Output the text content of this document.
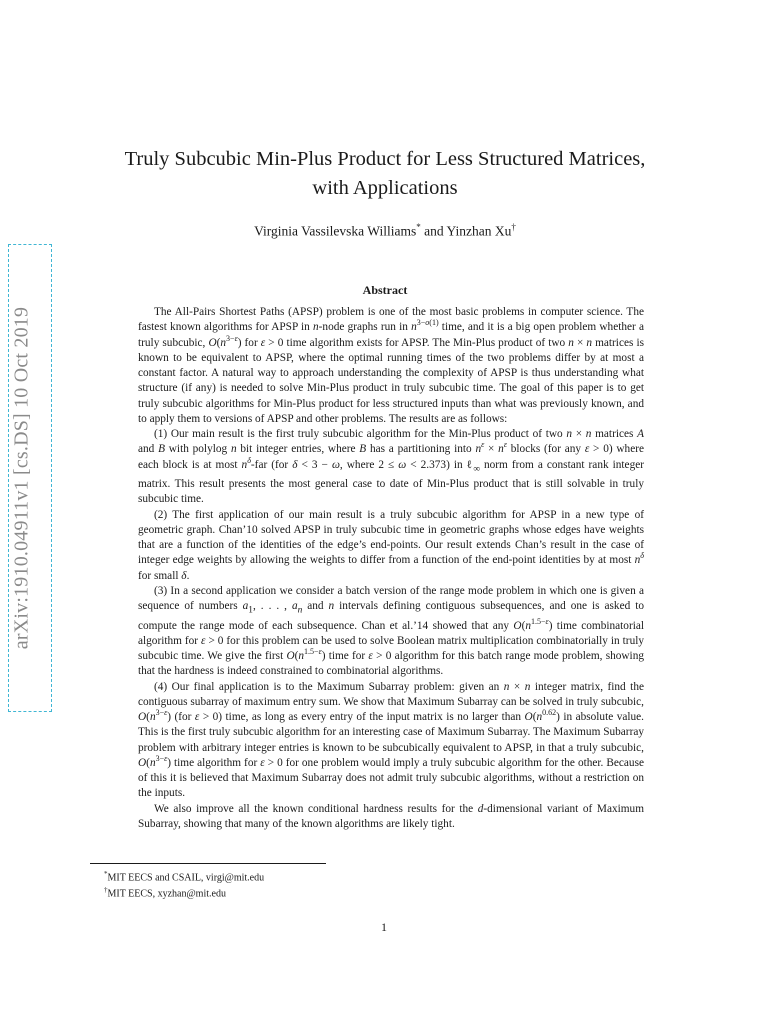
arXiv:1910.04911v1 [cs.DS] 10 Oct 2019
Truly Subcubic Min-Plus Product for Less Structured Matrices,
with Applications
Virginia Vassilevska Williams* and Yinzhan Xu†
Abstract

The All-Pairs Shortest Paths (APSP) problem is one of the most basic problems in computer science. The fastest known algorithms for APSP in n-node graphs run in $n^{3-o(1)}$ time, and it is a big open problem whether a truly subcubic, $O(n^{3-\varepsilon})$ for ε > 0 time algorithm exists for APSP. The Min-Plus product of two n × n matrices is known to be equivalent to APSP, where the optimal running times of the two problems differ by at most a constant factor. A natural way to approach understanding the complexity of APSP is thus understanding what structure (if any) is needed to solve Min-Plus product in truly subcubic time. The goal of this paper is to get truly subcubic algorithms for Min-Plus product for less structured inputs than what was previously known, and to apply them to versions of APSP and other problems. The results are as follows:

(1) Our main result is the first truly subcubic algorithm for the Min-Plus product of two n × n matrices A and B with polylog n bit integer entries, where B has a partitioning into $n^\varepsilon \times n^\varepsilon$ blocks (for any ε > 0) where each block is at most $n^\delta$-far (for δ < 3 − ω, where 2 ≤ ω < 2.373) in ℓ$_\infty$ norm from a constant rank integer matrix. This result presents the most general case to date of Min-Plus product that is still solvable in truly subcubic time.

(2) The first application of our main result is a truly subcubic algorithm for APSP in a new type of geometric graph. Chan’10 solved APSP in truly subcubic time in geometric graphs whose edges have weights that are a function of the identities of the edge’s end-points. Our result extends Chan’s result in the case of integer edge weights by allowing the weights to differ from a function of the end-point identities by at most $n^\delta$ for small δ.

(3) In a second application we consider a batch version of the range mode problem in which one is given a sequence of numbers $a_1$, . . . , $a_n$ and n intervals defining contiguous subsequences, and one is asked to compute the range mode of each subsequence. Chan et al.’14 showed that any $O(n^{1.5-\varepsilon})$ time combinatorial algorithm for ε > 0 for this problem can be used to solve Boolean matrix multiplication combinatorially in truly subcubic time. We give the first $O(n^{1.5-\varepsilon})$ time for ε > 0 algorithm for this batch range mode problem, showing that the hardness is indeed constrained to combinatorial algorithms.

(4) Our final application is to the Maximum Subarray problem: given an n × n integer matrix, find the contiguous subarray of maximum entry sum. We show that Maximum Subarray can be solved in truly subcubic, $O(n^{3-\varepsilon})$ (for ε > 0) time, as long as every entry of the input matrix is no larger than $O(n^{0.62})$ in absolute value. This is the first truly subcubic algorithm for an interesting case of Maximum Subarray. The Maximum Subarray problem with arbitrary integer entries is known to be subcubically equivalent to APSP, in that a truly subcubic, $O(n^{3-\varepsilon})$ time algorithm for ε > 0 for one problem would imply a truly subcubic algorithm for the other. Because of this it is believed that Maximum Subarray does not admit truly subcubic algorithms, without a restriction on the inputs.

We also improve all the known conditional hardness results for the d-dimensional variant of Maximum Subarray, showing that many of the known algorithms are likely tight.

*MIT EECS and CSAIL, virgi@mit.edu
†MIT EECS, xyzhan@mit.edu
1
